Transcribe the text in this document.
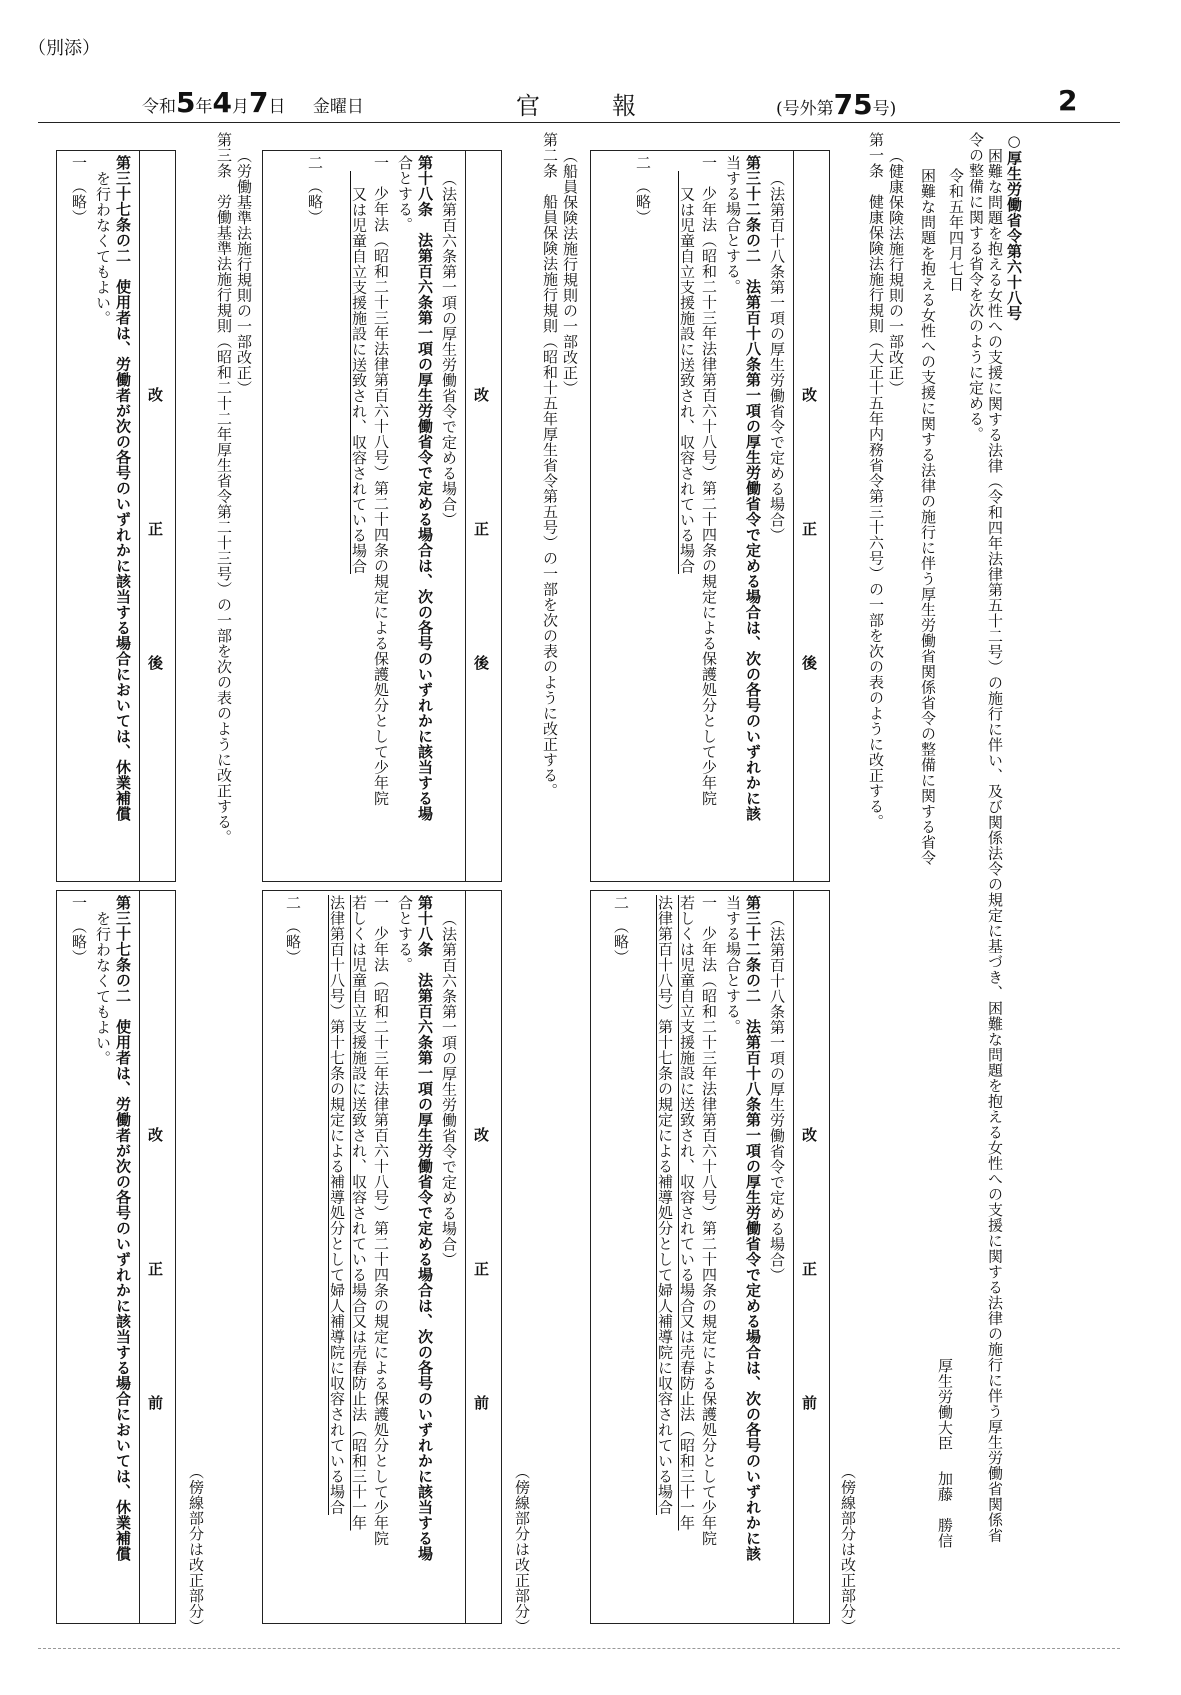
（別添）
令和5年4月7日 金曜日	官	報	(号外第75号)	2
○厚生労働省令第六十八号
困難な問題を抱える女性への支援に関する法律（令和四年法律第五十二号）の施行に伴い、及び関係法令の規定に基づき、困難な問題を抱える女性への支援に関する法律の施行に伴う厚生労働省関係省
令の整備に関する省令を次のように定める。
令和五年四月七日
困難な問題を抱える女性への支援に関する法律の施行に伴う厚生労働省関係省令の整備に関する省令
厚生労働大臣加藤　勝信
（健康保険法施行規則の一部改正）
第一条　健康保険法施行規則（大正十五年内務省令第三十六号）の一部を次の表のように改正する。
（傍線部分は改正部分）
改
正
後
（法第百十八条第一項の厚生労働省令で定める場合）
第三十二条の二　法第百十八条第一項の厚生労働省令で定める場合は、次の各号のいずれかに該
当する場合とする。
一　少年法（昭和二十三年法律第百六十八号）第二十四条の規定による保護処分として少年院
　又は児童自立支援施設に送致され、収容されている場合
二　（略）
改
正
前
（法第百十八条第一項の厚生労働省令で定める場合）
第三十二条の二　法第百十八条第一項の厚生労働省令で定める場合は、次の各号のいずれかに該
当する場合とする。
一　少年法（昭和二十三年法律第百六十八号）第二十四条の規定による保護処分として少年院
若しくは児童自立支援施設に送致され、収容されている場合又は売春防止法（昭和三十一年
法律第百十八号）第十七条の規定による補導処分として婦人補導院に収容されている場合
二　（略）
（船員保険法施行規則の一部改正）
第二条　船員保険法施行規則（昭和十五年厚生省令第五号）の一部を次の表のように改正する。
（傍線部分は改正部分）
改
正
後
（法第百六条第一項の厚生労働省令で定める場合）
第十八条　法第百六条第一項の厚生労働省令で定める場合は、次の各号のいずれかに該当する場
合とする。
一　少年法（昭和二十三年法律第百六十八号）第二十四条の規定による保護処分として少年院
　又は児童自立支援施設に送致され、収容されている場合
二　（略）
改
正
前
（法第百六条第一項の厚生労働省令で定める場合）
第十八条　法第百六条第一項の厚生労働省令で定める場合は、次の各号のいずれかに該当する場
合とする。
一　少年法（昭和二十三年法律第百六十八号）第二十四条の規定による保護処分として少年院
若しくは児童自立支援施設に送致され、収容されている場合又は売春防止法（昭和三十一年
法律第百十八号）第十七条の規定による補導処分として婦人補導院に収容されている場合
二　（略）
（労働基準法施行規則の一部改正）
第三条　労働基準法施行規則（昭和二十二年厚生省令第二十三号）の一部を次の表のように改正する。
（傍線部分は改正部分）
改
正
後
第三十七条の二　使用者は、労働者が次の各号のいずれかに該当する場合においては、休業補償
を行わなくてもよい。
一　（略）
改
正
前
第三十七条の二　使用者は、労働者が次の各号のいずれかに該当する場合においては、休業補償
を行わなくてもよい。
一　（略）
